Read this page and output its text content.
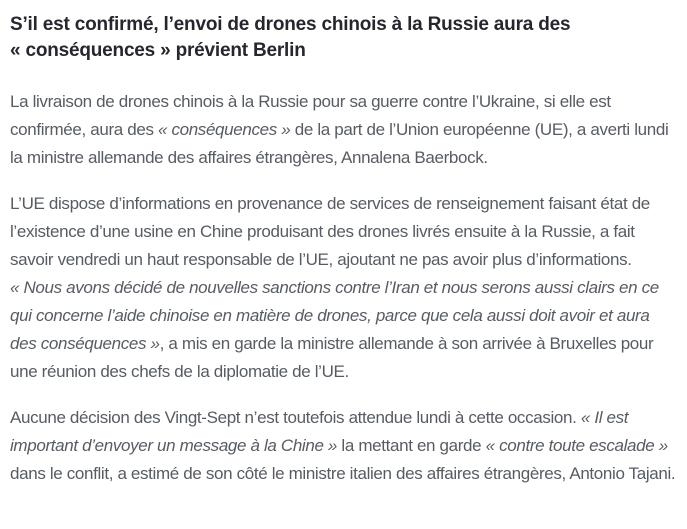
S’il est confirmé, l’envoi de drones chinois à la Russie aura des « conséquences » prévient Berlin

La livraison de drones chinois à la Russie pour sa guerre contre l’Ukraine, si elle est confirmée, aura des « conséquences » de la part de l’Union européenne (UE), a averti lundi la ministre allemande des affaires étrangères, Annalena Baerbock.

L’UE dispose d’informations en provenance de services de renseignement faisant état de l’existence d’une usine en Chine produisant des drones livrés ensuite à la Russie, a fait savoir vendredi un haut responsable de l’UE, ajoutant ne pas avoir plus d’informations. « Nous avons décidé de nouvelles sanctions contre l’Iran et nous serons aussi clairs en ce qui concerne l’aide chinoise en matière de drones, parce que cela aussi doit avoir et aura des conséquences », a mis en garde la ministre allemande à son arrivée à Bruxelles pour une réunion des chefs de la diplomatie de l’UE.

Aucune décision des Vingt-Sept n’est toutefois attendue lundi à cette occasion. « Il est important d’envoyer un message à la Chine » la mettant en garde « contre toute escalade » dans le conflit, a estimé de son côté le ministre italien des affaires étrangères, Antonio Tajani.
